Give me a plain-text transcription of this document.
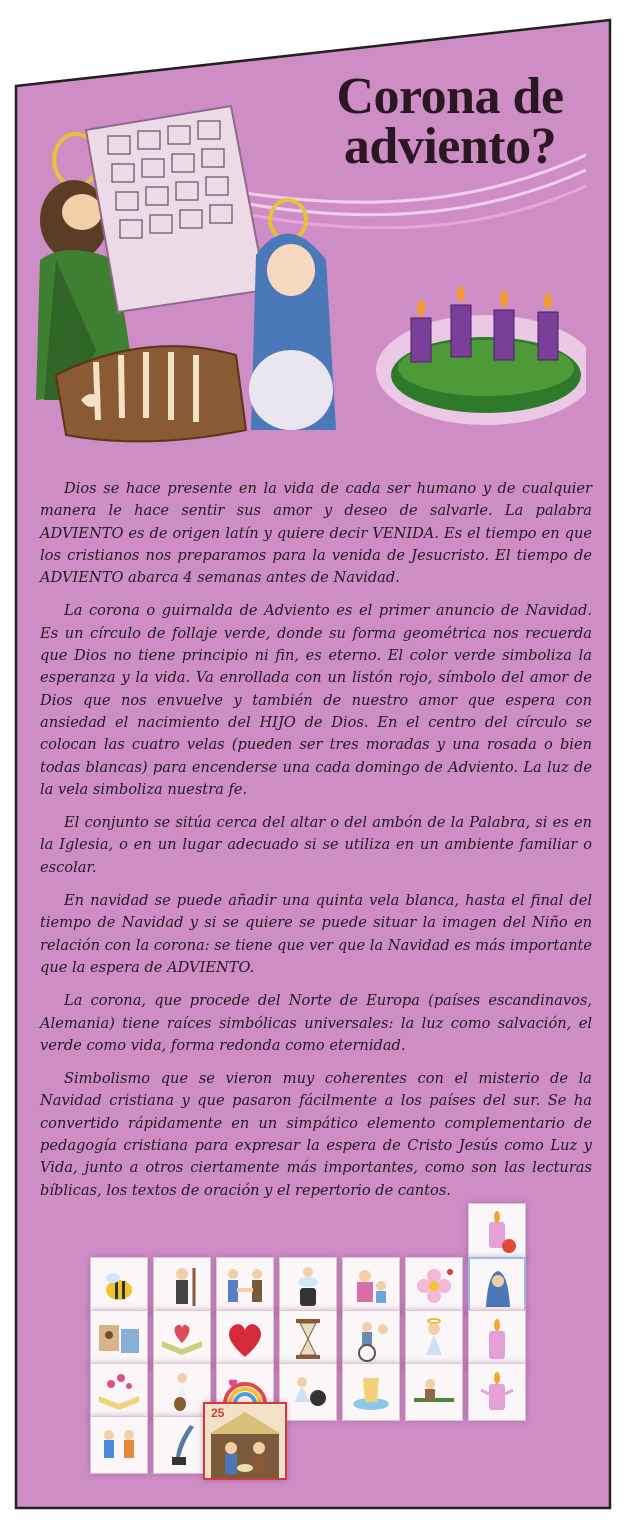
Corona de
adviento?

Dios se hace presente en la vida de cada ser humano y de cualquier manera le hace sentir sus amor y deseo de salvarle. La palabra ADVIENTO es de origen latín y quiere decir VENIDA. Es el tiempo en que los cristianos nos preparamos para la venida de Jesucristo. El tiempo de ADVIENTO abarca 4 semanas antes de Navidad.

La corona o guirnalda de Adviento es el primer anuncio de Navidad. Es un círculo de follaje verde, donde su forma geométrica nos recuerda que Dios no tiene principio ni fin, es eterno. El color verde simboliza la esperanza y la vida. Va enrollada con un listón rojo, símbolo del amor de Dios que nos envuelve y también de nuestro amor que espera con ansiedad el nacimiento del HIJO de Dios. En el centro del círculo se colocan las cuatro velas (pueden ser tres moradas y una rosada o bien todas blancas) para encenderse una cada domingo de Adviento. La luz de la vela simboliza nuestra fe.

El conjunto se sitúa cerca del altar o del ambón de la Palabra, si es en la Iglesia, o en un lugar adecuado si se utiliza en un ambiente familiar o escolar.

En navidad se puede añadir una quinta vela blanca, hasta el final del tiempo de Navidad y si se quiere se puede situar la imagen del Niño en relación con la corona: se tiene que ver que la Navidad es más importante que la espera de ADVIENTO.

La corona, que procede del Norte de Europa (países escandinavos, Alemania) tiene raíces simbólicas universales: la luz como salvación, el verde como vida, forma redonda como eternidad.

Simbolismo que se vieron muy coherentes con el misterio de la Navidad cristiana y que pasaron fácilmente a los países del sur. Se ha convertido rápidamente en un simpático elemento complementario de pedagogía cristiana para expresar la espera de Cristo Jesús como Luz y Vida, junto a otros ciertamente más importantes, como son las lecturas bíblicas, los textos de oración y el repertorio de cantos.

25
